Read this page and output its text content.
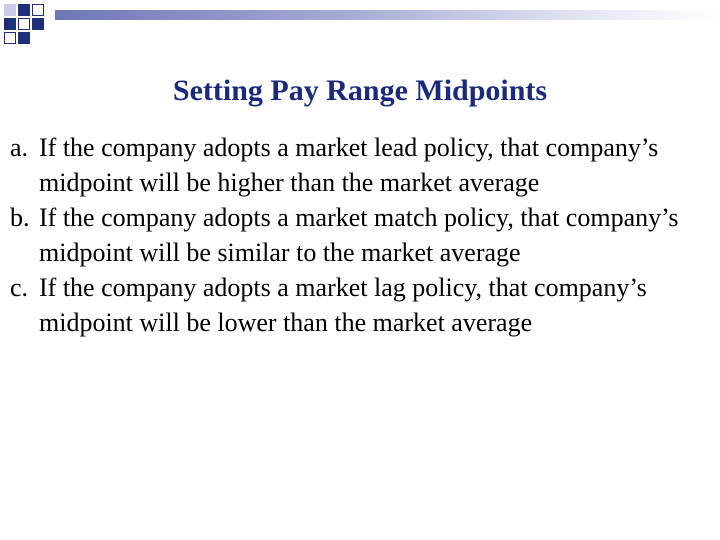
Setting Pay Range Midpoints
a. If the company adopts a market lead policy, that company’s midpoint will be higher than the market average
b. If the company adopts a market match policy, that company’s midpoint will be similar to the market average
c. If the company adopts a market lag policy, that company’s midpoint will be lower than the market average
